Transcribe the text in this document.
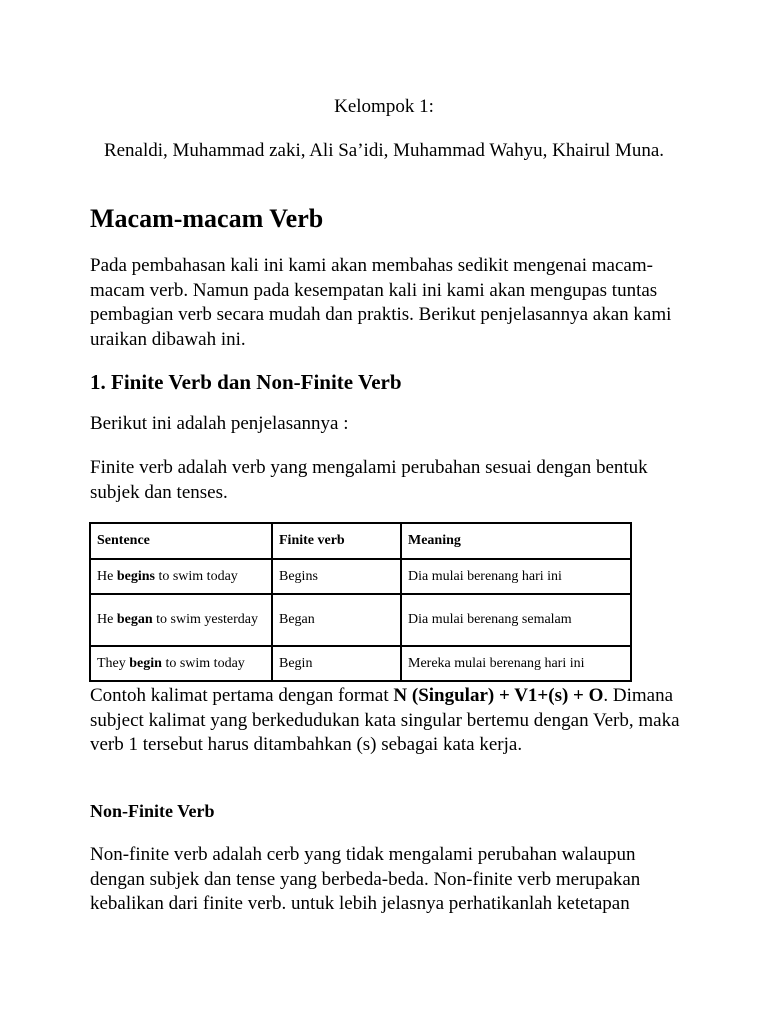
Kelompok 1:
Renaldi, Muhammad zaki, Ali Sa’idi, Muhammad Wahyu, Khairul Muna.
Macam-macam Verb

Pada pembahasan kali ini kami akan membahas sedikit mengenai macam-macam verb. Namun pada kesempatan kali ini kami akan mengupas tuntas pembagian verb secara mudah dan praktis. Berikut penjelasannya akan kami uraikan dibawah ini.

1. Finite Verb dan Non-Finite Verb

Berikut ini adalah penjelasannya :

Finite verb adalah verb yang mengalami perubahan sesuai dengan bentuk subjek dan tenses.

Sentence	Finite verb	Meaning
He begins to swim today	Begins	Dia mulai berenang hari ini
He began to swim yesterday	Began	Dia mulai berenang semalam
They begin to swim today	Begin	Mereka mulai berenang hari ini

Contoh kalimat pertama dengan format N (Singular) + V1+(s) + O. Dimana subject kalimat yang berkedudukan kata singular bertemu dengan Verb, maka verb 1 tersebut harus ditambahkan (s) sebagai kata kerja.

Non-Finite Verb

Non-finite verb adalah cerb yang tidak mengalami perubahan walaupun dengan subjek dan tense yang berbeda-beda. Non-finite verb merupakan kebalikan dari finite verb. untuk lebih jelasnya perhatikanlah ketetapan
